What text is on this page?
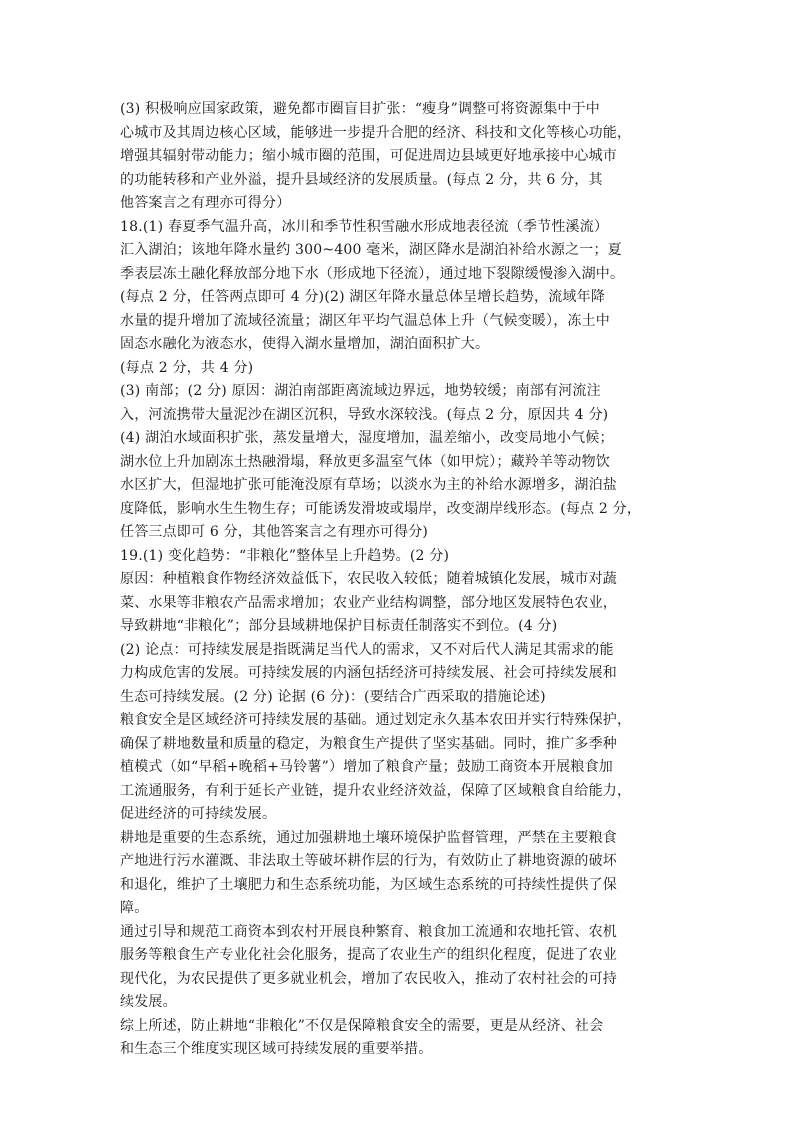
(3) 积极响应国家政策，避免都市圈盲目扩张：“瘦身”调整可将资源集中于中
心城市及其周边核心区域，能够进一步提升合肥的经济、科技和文化等核心功能，
增强其辐射带动能力；缩小城市圈的范围，可促进周边县域更好地承接中心城市
的功能转移和产业外溢，提升县域经济的发展质量。(每点 2 分，共 6 分，其
他答案言之有理亦可得分）
18.(1) 春夏季气温升高，冰川和季节性积雪融水形成地表径流（季节性溪流）
汇入湖泊；该地年降水量约 300~400 毫米，湖区降水是湖泊补给水源之一；夏
季表层冻土融化释放部分地下水（形成地下径流），通过地下裂隙缓慢渗入湖中。
(每点 2 分，任答两点即可 4 分)(2) 湖区年降水量总体呈增长趋势，流域年降
水量的提升增加了流域径流量；湖区年平均气温总体上升（气候变暖），冻土中
固态水融化为液态水，使得入湖水量增加，湖泊面积扩大。
(每点 2 分，共 4 分)
(3) 南部；(2 分) 原因：湖泊南部距离流域边界远，地势较缓；南部有河流注
入，河流携带大量泥沙在湖区沉积，导致水深较浅。(每点 2 分，原因共 4 分)
(4) 湖泊水域面积扩张，蒸发量增大，湿度增加，温差缩小，改变局地小气候；
湖水位上升加剧冻土热融滑塌，释放更多温室气体（如甲烷）；藏羚羊等动物饮
水区扩大，但湿地扩张可能淹没原有草场；以淡水为主的补给水源增多，湖泊盐
度降低，影响水生生物生存；可能诱发滑坡或塌岸，改变湖岸线形态。(每点 2 分，
任答三点即可 6 分，其他答案言之有理亦可得分)
19.(1) 变化趋势：“非粮化”整体呈上升趋势。(2 分)
原因：种植粮食作物经济效益低下，农民收入较低；随着城镇化发展，城市对蔬
菜、水果等非粮农产品需求增加；农业产业结构调整，部分地区发展特色农业，
导致耕地“非粮化”；部分县域耕地保护目标责任制落实不到位。(4 分)
(2) 论点：可持续发展是指既满足当代人的需求，又不对后代人满足其需求的能
力构成危害的发展。可持续发展的内涵包括经济可持续发展、社会可持续发展和
生态可持续发展。(2 分) 论据 (6 分)：(要结合广西采取的措施论述)
粮食安全是区域经济可持续发展的基础。通过划定永久基本农田并实行特殊保护，
确保了耕地数量和质量的稳定，为粮食生产提供了坚实基础。同时，推广多季种
植模式（如“早稻+晚稻+马铃薯”）增加了粮食产量；鼓励工商资本开展粮食加
工流通服务，有利于延长产业链，提升农业经济效益，保障了区域粮食自给能力，
促进经济的可持续发展。
耕地是重要的生态系统，通过加强耕地土壤环境保护监督管理，严禁在主要粮食
产地进行污水灌溉、非法取土等破坏耕作层的行为，有效防止了耕地资源的破坏
和退化，维护了土壤肥力和生态系统功能，为区域生态系统的可持续性提供了保
障。
通过引导和规范工商资本到农村开展良种繁育、粮食加工流通和农地托管、农机
服务等粮食生产专业化社会化服务，提高了农业生产的组织化程度，促进了农业
现代化，为农民提供了更多就业机会，增加了农民收入，推动了农村社会的可持
续发展。
综上所述，防止耕地“非粮化”不仅是保障粮食安全的需要，更是从经济、社会
和生态三个维度实现区域可持续发展的重要举措。
